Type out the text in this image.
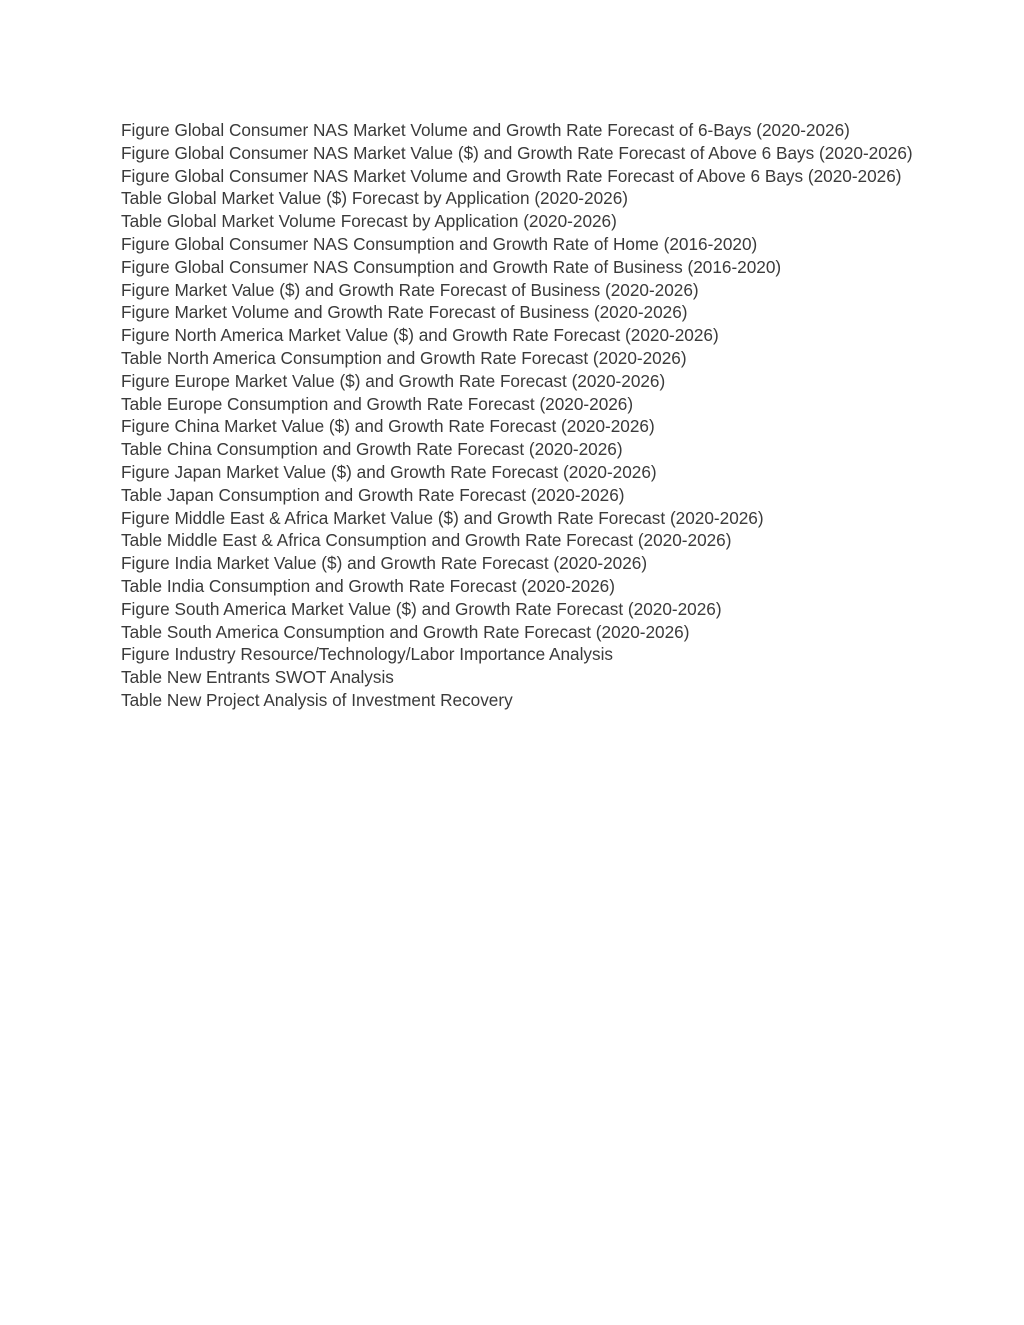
Figure Global Consumer NAS Market Volume and Growth Rate Forecast of 6-Bays (2020-2026)
Figure Global Consumer NAS Market Value ($) and Growth Rate Forecast of Above 6 Bays (2020-2026)
Figure Global Consumer NAS Market Volume and Growth Rate Forecast of Above 6 Bays (2020-2026)
Table Global Market Value ($) Forecast by Application (2020-2026)
Table Global Market Volume Forecast by Application (2020-2026)
Figure Global Consumer NAS Consumption and Growth Rate of Home (2016-2020)
Figure Global Consumer NAS Consumption and Growth Rate of Business (2016-2020)
Figure Market Value ($) and Growth Rate Forecast of Business (2020-2026)
Figure Market Volume and Growth Rate Forecast of Business (2020-2026)
Figure North America Market Value ($) and Growth Rate Forecast (2020-2026)
Table North America Consumption and Growth Rate Forecast (2020-2026)
Figure Europe Market Value ($) and Growth Rate Forecast (2020-2026)
Table Europe Consumption and Growth Rate Forecast (2020-2026)
Figure China Market Value ($) and Growth Rate Forecast (2020-2026)
Table China Consumption and Growth Rate Forecast (2020-2026)
Figure Japan Market Value ($) and Growth Rate Forecast (2020-2026)
Table Japan Consumption and Growth Rate Forecast (2020-2026)
Figure Middle East & Africa Market Value ($) and Growth Rate Forecast (2020-2026)
Table Middle East & Africa Consumption and Growth Rate Forecast (2020-2026)
Figure India Market Value ($) and Growth Rate Forecast (2020-2026)
Table India Consumption and Growth Rate Forecast (2020-2026)
Figure South America Market Value ($) and Growth Rate Forecast (2020-2026)
Table South America Consumption and Growth Rate Forecast (2020-2026)
Figure Industry Resource/Technology/Labor Importance Analysis
Table New Entrants SWOT Analysis
Table New Project Analysis of Investment Recovery
